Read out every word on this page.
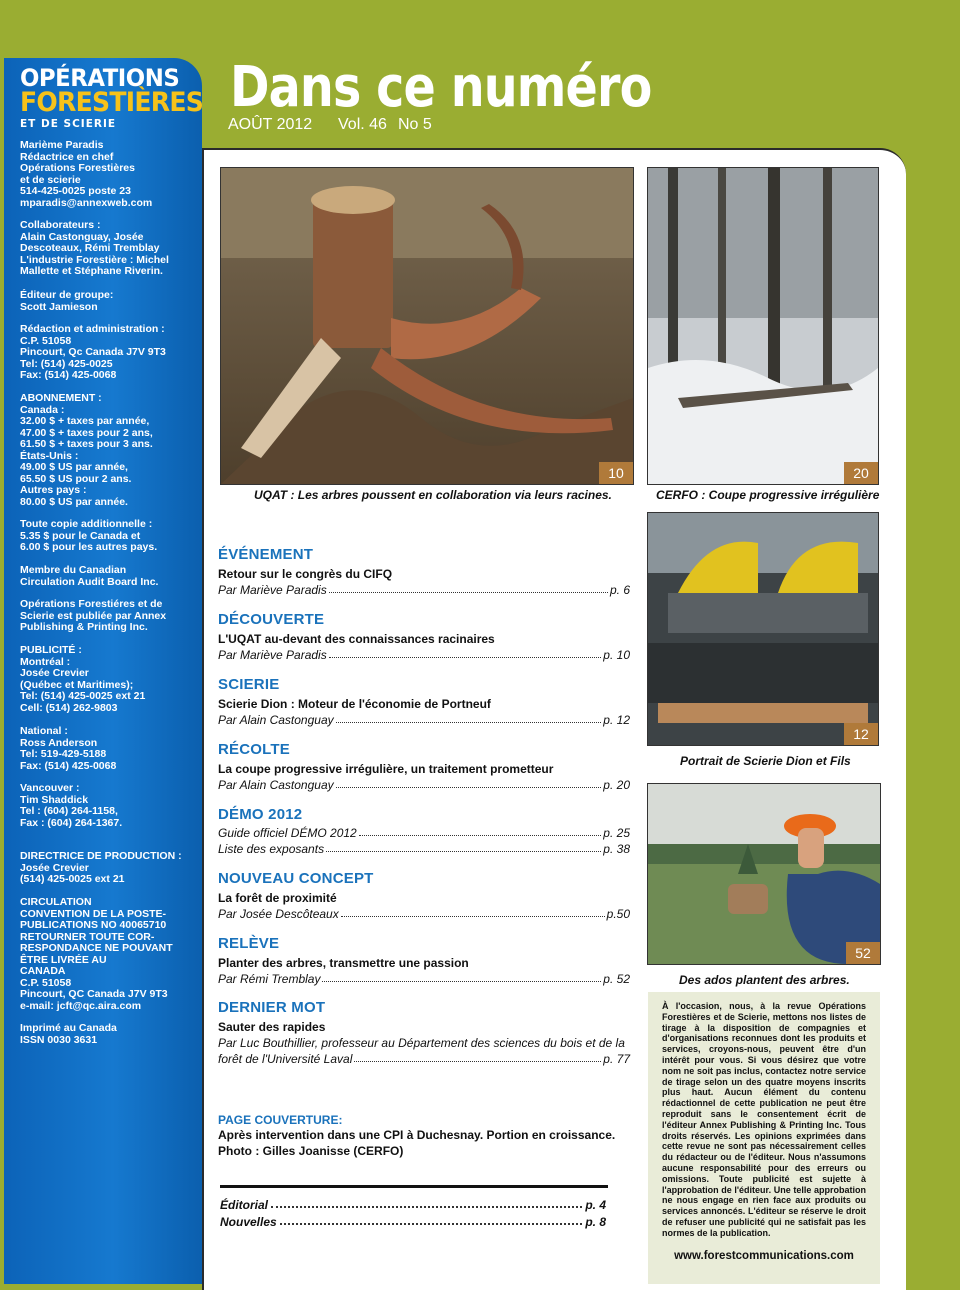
OPÉRATIONS
FORESTIÈRES
ET DE SCIERIE
Marième Paradis
Rédactrice en chef
Opérations Forestières
et de scierie
514-425-0025 poste 23
mparadis@annexweb.com
Collaborateurs :
Alain Castonguay, Josée
Descoteaux, Rémi Tremblay
L'industrie Forestière : Michel
Mallette et Stéphane Riverin.
Éditeur de groupe:
Scott Jamieson
Rédaction et administration :
C.P. 51058
Pincourt, Qc Canada J7V 9T3
Tel: (514) 425-0025
Fax: (514) 425-0068
ABONNEMENT :
Canada :
32.00 $ + taxes par année,
47.00 $ + taxes pour 2 ans,
61.50 $ + taxes pour 3 ans.
États-Unis :
49.00 $ US par année,
65.50 $ US pour 2 ans.
Autres pays :
80.00 $ US par année.
Toute copie additionnelle :
5.35 $ pour le Canada et
6.00 $ pour les autres pays.
Membre du Canadian
Circulation Audit Board Inc.
Opérations Forestiéres et de
Scierie est publiée par Annex
Publishing & Printing Inc.
PUBLICITÉ :
Montréal :
Josée Crevier
(Québec et Maritimes);
Tel: (514) 425-0025 ext 21
Cell: (514) 262-9803
National :
Ross Anderson
Tel: 519-429-5188
Fax: (514) 425-0068
Vancouver :
Tim Shaddick
Tel : (604) 264-1158,
Fax : (604) 264-1367.
DIRECTRICE DE PRODUCTION :
Josée Crevier
(514) 425-0025 ext 21
CIRCULATION
CONVENTION DE LA POSTE-
PUBLICATIONS NO 40065710
RETOURNER TOUTE COR-
RESPONDANCE NE POUVANT
ÊTRE LIVRÉE AU
CANADA
C.P. 51058
Pincourt, QC Canada J7V 9T3
e-mail: jcft@qc.aira.com
Imprimé au Canada
ISSN 0030 3631
Dans ce numéro
AOÛT 2012 Vol. 46 No 5
10
UQAT : Les arbres poussent en collaboration via leurs racines.
20
CERFO : Coupe progressive irrégulière
12
Portrait de Scierie Dion et Fils
52
Des ados plantent des arbres.
ÉVÉNEMENT
Retour sur le congrès du CIFQ
Par Mariève Paradis	p. 6
DÉCOUVERTE
L'UQAT au-devant des connaissances racinaires
Par Mariève Paradis	p. 10
SCIERIE
Scierie Dion : Moteur de l'économie de Portneuf
Par Alain Castonguay	p. 12
RÉCOLTE
La coupe progressive irrégulière, un traitement prometteur
Par Alain Castonguay	p. 20
DÉMO 2012
Guide officiel DÉMO 2012	p. 25
Liste des exposants	p. 38
NOUVEAU CONCEPT
La forêt de proximité
Par Josée Descôteaux	p.50
RELÈVE
Planter des arbres, transmettre une passion
Par Rémi Tremblay	p. 52
DERNIER MOT
Sauter des rapides
Par Luc Bouthillier, professeur au Département des sciences du bois et de la
forêt de l'Université Laval	p. 77
PAGE COUVERTURE:
Après intervention dans une CPI à Duchesnay. Portion en croissance.
Photo : Gilles Joanisse (CERFO)
Éditorial	p. 4
Nouvelles	p. 8

À l'occasion, nous, à la revue Opérations Forestières et de Scierie, mettons nos listes de tirage à la disposition de compagnies et d'organisations reconnues dont les produits et services, croyons-nous, peuvent être d'un intérêt pour vous. Si vous désirez que votre nom ne soit pas inclus, contactez notre service de tirage selon un des quatre moyens inscrits plus haut. Aucun élément du contenu rédactionnel de cette publication ne peut être reproduit sans le consentement écrit de l'éditeur Annex Publishing & Printing Inc. Tous droits réservés. Les opinions exprimées dans cette revue ne sont pas nécessairement celles du rédacteur ou de l'éditeur. Nous n'assumons aucune responsabilité pour des erreurs ou omissions. Toute publicité est sujette à l'approbation de l'éditeur. Une telle approbation ne nous engage en rien face aux produits ou services annoncés. L'éditeur se réserve le droit de refuser une publicité qui ne satisfait pas les normes de la publication.

www.forestcommunications.com
